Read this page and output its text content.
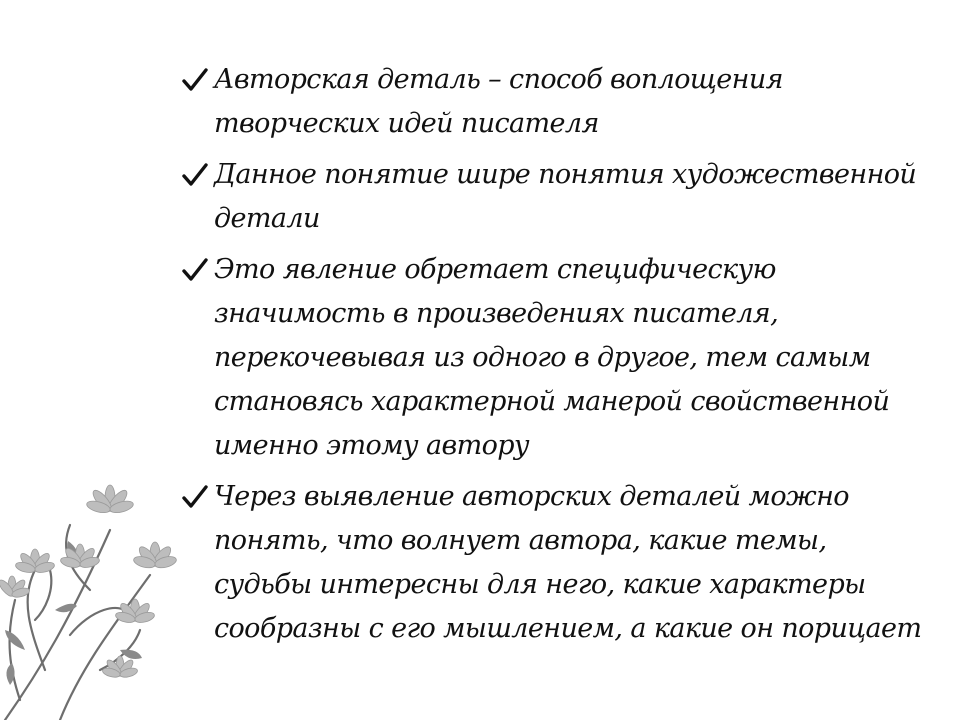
Авторская деталь – способ воплощения творческих идей писателя
Данное понятие шире понятия художественной детали
Это явление обретает специфическую значимость в произведениях писателя, перекочевывая из одного в другое, тем самым становясь характерной манерой свойственной именно этому автору
Через выявление авторских деталей можно понять, что волнует автора, какие темы, судьбы интересны для него, какие характеры сообразны с его мышлением, а какие он порицает
